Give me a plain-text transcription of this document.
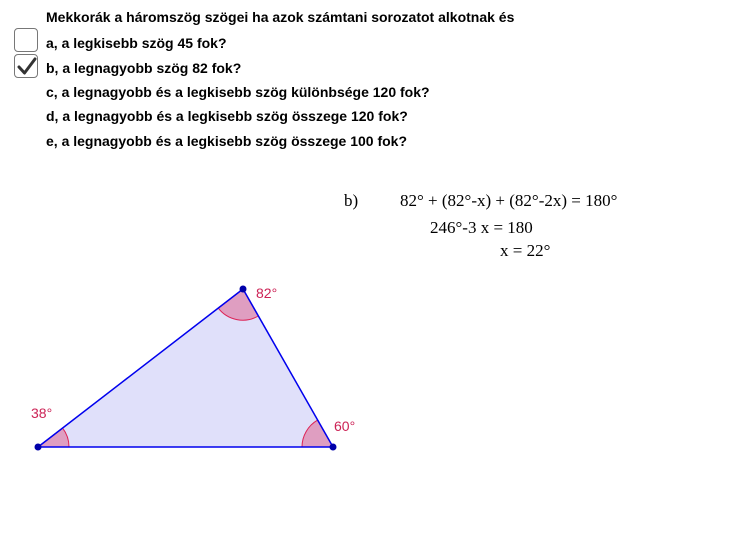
Mekkorák a háromszög szögei ha azok számtani sorozatot alkotnak és
a, a legkisebb szög 45 fok?
b, a legnagyobb szög 82 fok?
c, a legnagyobb és a legkisebb szög különbsége 120 fok?
d, a legnagyobb és a legkisebb szög összege 120 fok?
e, a legnagyobb és a legkisebb szög összege 100 fok?
b) 82° + (82°-x) + (82°-2x) = 180°
246°-3 x = 180
x = 22°
38°
82°
60°
